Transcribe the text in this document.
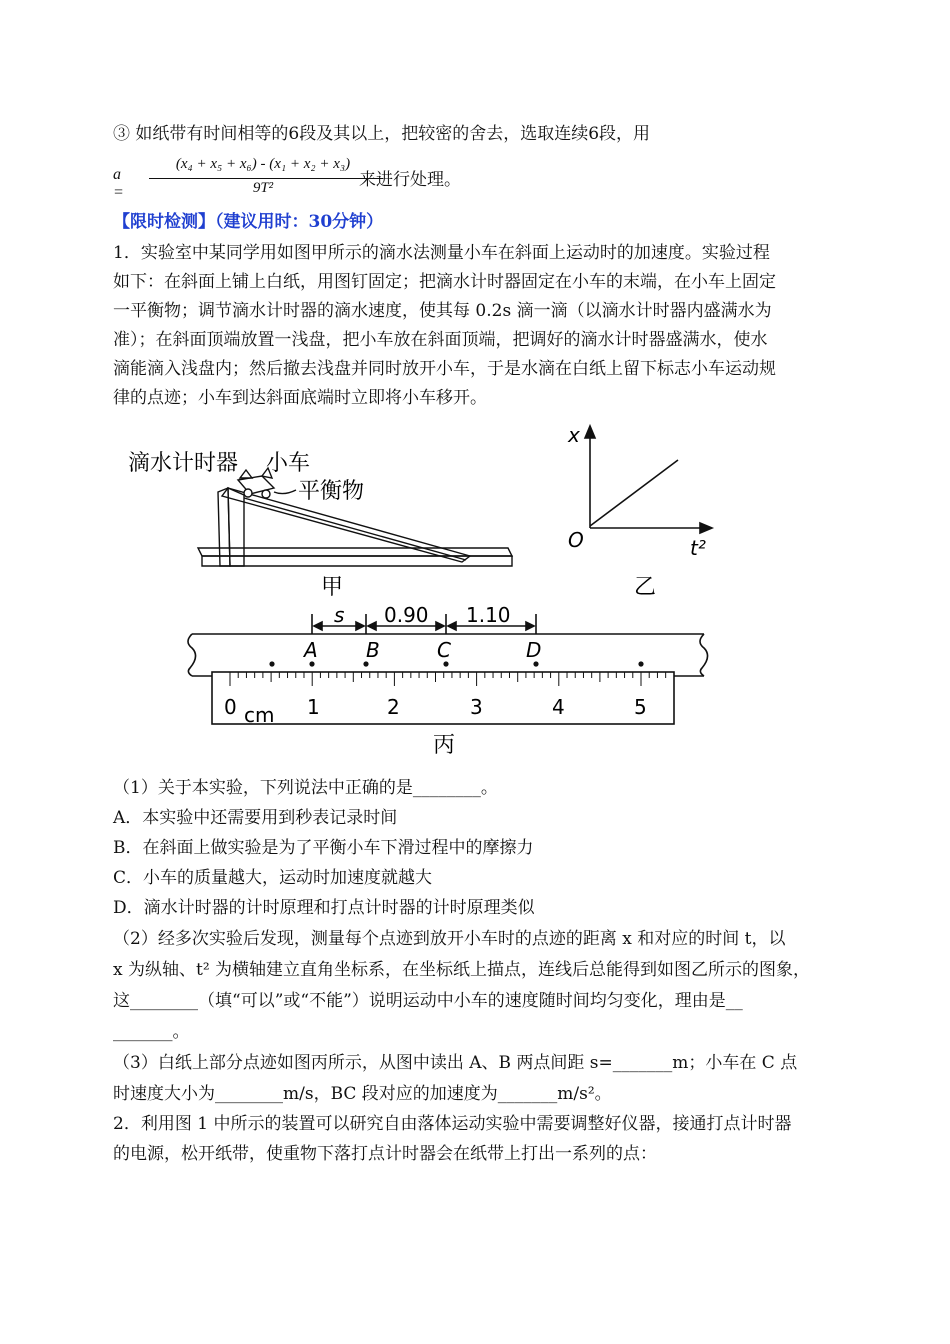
③ 如纸带有时间相等的6段及其以上，把较密的舍去，选取连续6段，用
a =
(x₄ + x₅ + x₆) - (x₁ + x₂ + x₃)
9T²	来进行处理。
【限时检测】（建议用时：30分钟）
1．实验室中某同学用如图甲所示的滴水法测量小车在斜面上运动时的加速度。实验过程
如下：在斜面上铺上白纸，用图钉固定；把滴水计时器固定在小车的末端，在小车上固定
一平衡物；调节滴水计时器的滴水速度，使其每 0.2s 滴一滴（以滴水计时器内盛满水为
准）；在斜面顶端放置一浅盘，把小车放在斜面顶端，把调好的滴水计时器盛满水，使水
滴能滴入浅盘内；然后撤去浅盘并同时放开小车，于是水滴在白纸上留下标志小车运动规
律的点迹；小车到达斜面底端时立即将小车移开。
滴水计时器 小车
平衡物
甲
x
O	t²
乙
s 0.90 1.10
A B	C	D
0	1	2	3	4	5
cm
丙
（1）关于本实验，下列说法中正确的是________。
A．本实验中还需要用到秒表记录时间
B．在斜面上做实验是为了平衡小车下滑过程中的摩擦力
C．小车的质量越大，运动时加速度就越大
D．滴水计时器的计时原理和打点计时器的计时原理类似
（2）经多次实验后发现，测量每个点迹到放开小车时的点迹的距离 x 和对应的时间 t，以
x 为纵轴、t² 为横轴建立直角坐标系，在坐标纸上描点，连线后总能得到如图乙所示的图象，
这________（填“可以”或“不能”）说明运动中小车的速度随时间均匀变化，理由是__
_______。
（3）白纸上部分点迹如图丙所示，从图中读出 A、B 两点间距 s=_______m；小车在 C 点
时速度大小为________m/s，BC 段对应的加速度为_______m/s²。
2．利用图 1 中所示的装置可以研究自由落体运动实验中需要调整好仪器，接通打点计时器
的电源，松开纸带，使重物下落打点计时器会在纸带上打出一系列的点：
